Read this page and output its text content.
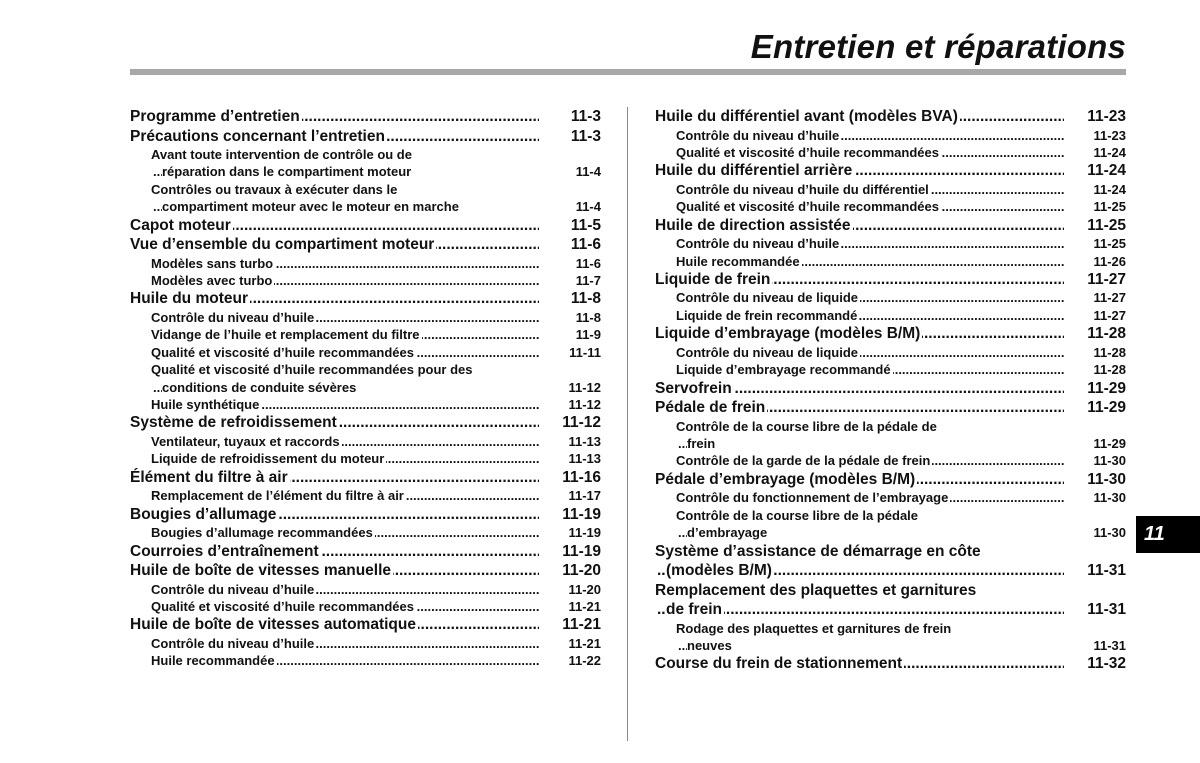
Entretien et réparations
Programme d’entretien
.....	11-3
Précautions concernant l’entretien
.....	11-3
Avant toute intervention de contrôle ou de
réparation dans le compartiment moteur
.....	11-4
Contrôles ou travaux à exécuter dans le
compartiment moteur avec le moteur en marche
.....	11-4
Capot moteur
.....	11-5
Vue d’ensemble du compartiment moteur
.....	11-6
Modèles sans turbo
.....	11-6
Modèles avec turbo
.....	11-7
Huile du moteur
.....	11-8
Contrôle du niveau d’huile
.....	11-8
Vidange de l’huile et remplacement du filtre
.....	11-9
Qualité et viscosité d’huile recommandées
.....	11-11
Qualité et viscosité d’huile recommandées pour des
conditions de conduite sévères
.....	11-12
Huile synthétique
.....	11-12
Système de refroidissement
.....	11-12
Ventilateur, tuyaux et raccords
.....	11-13
Liquide de refroidissement du moteur
.....	11-13
Élément du filtre à air
.....	11-16
Remplacement de l’élément du filtre à air
.....	11-17
Bougies d’allumage
.....	11-19
Bougies d’allumage recommandées
.....	11-19
Courroies d’entraînement
.....	11-19
Huile de boîte de vitesses manuelle
.....	11-20
Contrôle du niveau d’huile
.....	11-20
Qualité et viscosité d’huile recommandées
.....	11-21
Huile de boîte de vitesses automatique
.....	11-21
Contrôle du niveau d’huile
.....	11-21
Huile recommandée
.....	11-22
Huile du différentiel avant (modèles BVA)
.....	11-23
Contrôle du niveau d’huile
.....	11-23
Qualité et viscosité d’huile recommandées
.....	11-24
Huile du différentiel arrière
.....	11-24
Contrôle du niveau d’huile du différentiel
.....	11-24
Qualité et viscosité d’huile recommandées
.....	11-25
Huile de direction assistée
.....	11-25
Contrôle du niveau d’huile
.....	11-25
Huile recommandée
.....	11-26
Liquide de frein
.....	11-27
Contrôle du niveau de liquide
.....	11-27
Liquide de frein recommandé
.....	11-27
Liquide d’embrayage (modèles B/M)
.....	11-28
Contrôle du niveau de liquide
.....	11-28
Liquide d’embrayage recommandé
.....	11-28
Servofrein
.....	11-29
Pédale de frein
.....	11-29
Contrôle de la course libre de la pédale de
frein
.....	11-29
Contrôle de la garde de la pédale de frein
.....	11-30
Pédale d’embrayage (modèles B/M)
.....	11-30
Contrôle du fonctionnement de l’embrayage
.....	11-30
Contrôle de la course libre de la pédale
d’embrayage
.....	11-30
Système d’assistance de démarrage en côte
(modèles B/M)
.....	11-31
Remplacement des plaquettes et garnitures
de frein
.....	11-31
Rodage des plaquettes et garnitures de frein
neuves
.....	11-31
Course du frein de stationnement
.....	11-32
11
